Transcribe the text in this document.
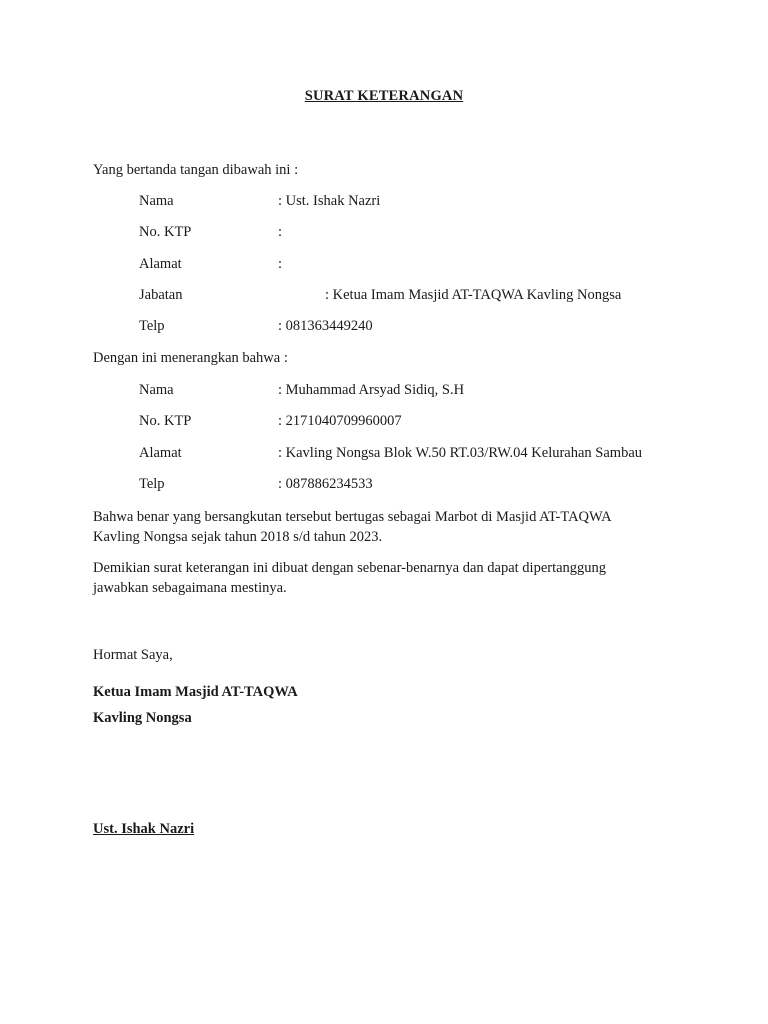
SURAT KETERANGAN
Yang bertanda tangan dibawah ini :
Nama	: Ust. Ishak Nazri
No. KTP	:
Alamat	:
Jabatan	: Ketua Imam Masjid AT-TAQWA Kavling Nongsa
Telp	: 081363449240
Dengan ini menerangkan bahwa :
Nama	: Muhammad Arsyad Sidiq, S.H
No. KTP	: 2171040709960007
Alamat	: Kavling Nongsa Blok W.50 RT.03/RW.04 Kelurahan Sambau
Telp	: 087886234533
Bahwa benar yang bersangkutan tersebut bertugas sebagai Marbot di Masjid AT-TAQWA
Kavling Nongsa sejak tahun 2018 s/d tahun 2023.
Demikian surat keterangan ini dibuat dengan sebenar-benarnya dan dapat dipertanggung
jawabkan sebagaimana mestinya.
Hormat Saya,
Ketua Imam Masjid AT-TAQWA
Kavling Nongsa
Ust. Ishak Nazri
